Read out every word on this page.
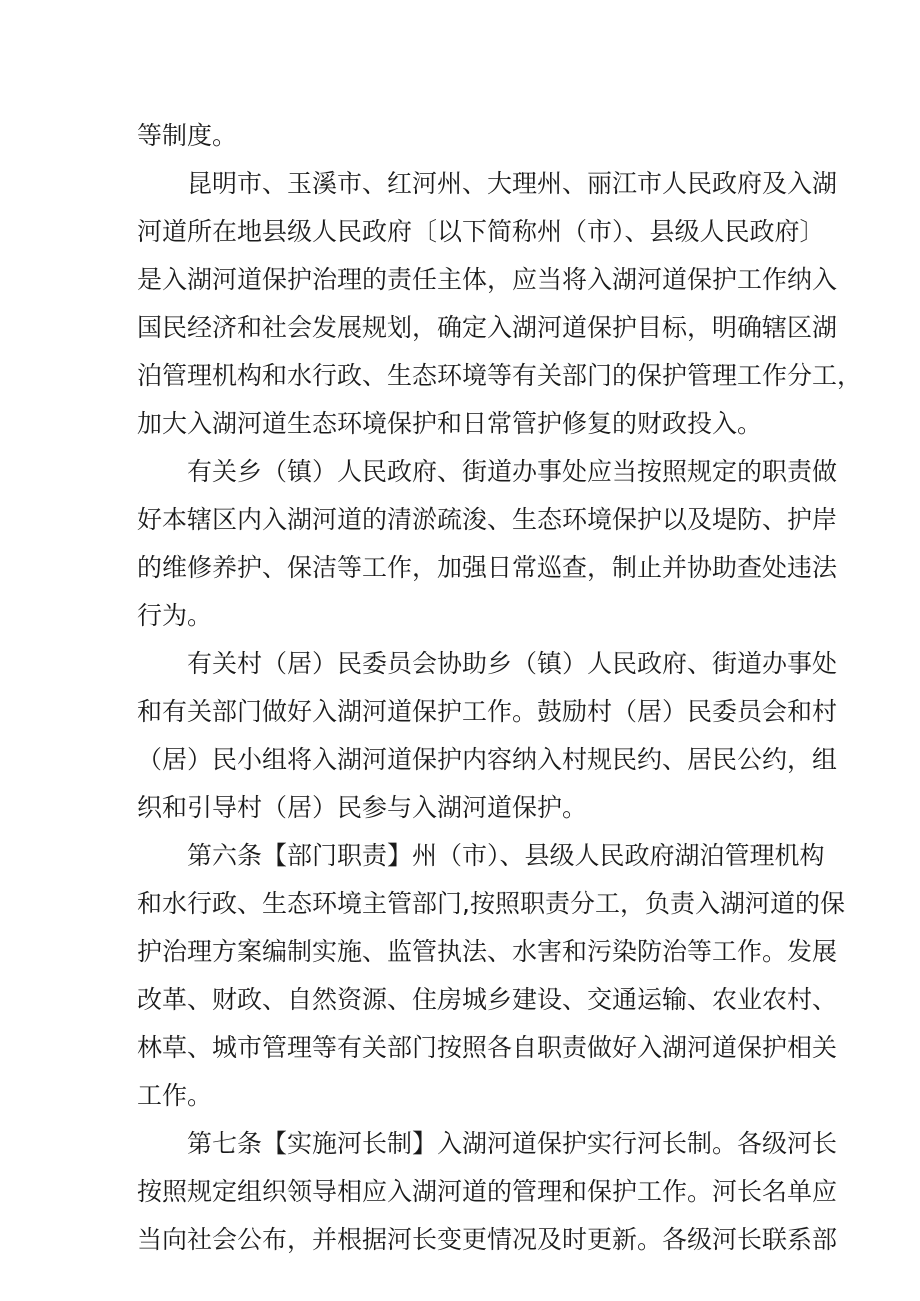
等制度。
昆明市、玉溪市、红河州、大理州、丽江市人民政府及入湖
河道所在地县级人民政府〔以下简称州（市）、县级人民政府〕
是入湖河道保护治理的责任主体，应当将入湖河道保护工作纳入
国民经济和社会发展规划，确定入湖河道保护目标，明确辖区湖
泊管理机构和水行政、生态环境等有关部门的保护管理工作分工，
加大入湖河道生态环境保护和日常管护修复的财政投入。
有关乡（镇）人民政府、街道办事处应当按照规定的职责做
好本辖区内入湖河道的清淤疏浚、生态环境保护以及堤防、护岸
的维修养护、保洁等工作，加强日常巡查，制止并协助查处违法
行为。
有关村（居）民委员会协助乡（镇）人民政府、街道办事处
和有关部门做好入湖河道保护工作。鼓励村（居）民委员会和村
（居）民小组将入湖河道保护内容纳入村规民约、居民公约，组
织和引导村（居）民参与入湖河道保护。
第六条【部门职责】州（市）、县级人民政府湖泊管理机构
和水行政、生态环境主管部门,按照职责分工，负责入湖河道的保
护治理方案编制实施、监管执法、水害和污染防治等工作。发展
改革、财政、自然资源、住房城乡建设、交通运输、农业农村、
林草、城市管理等有关部门按照各自职责做好入湖河道保护相关
工作。
第七条【实施河长制】入湖河道保护实行河长制。各级河长
按照规定组织领导相应入湖河道的管理和保护工作。河长名单应
当向社会公布，并根据河长变更情况及时更新。各级河长联系部
